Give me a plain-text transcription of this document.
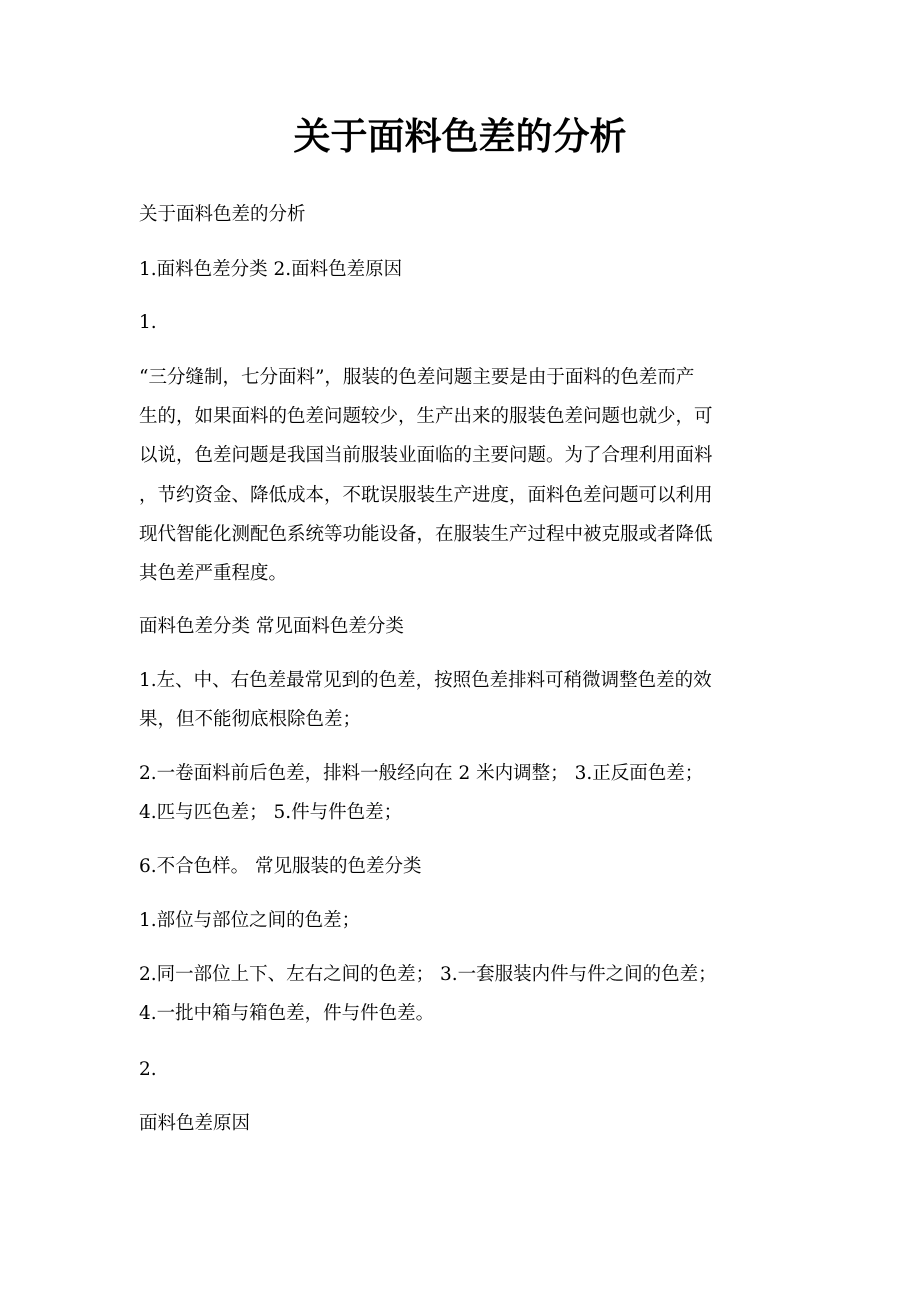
关于面料色差的分析
关于面料色差的分析
1.面料色差分类 2.面料色差原因
1.
“三分缝制，七分面料”，服装的色差问题主要是由于面料的色差而产
生的，如果面料的色差问题较少，生产出来的服装色差问题也就少，可
以说，色差问题是我国当前服装业面临的主要问题。为了合理利用面料
，节约资金、降低成本，不耽误服装生产进度，面料色差问题可以利用
现代智能化测配色系统等功能设备，在服装生产过程中被克服或者降低
其色差严重程度。
面料色差分类 常见面料色差分类
1.左、中、右色差最常见到的色差，按照色差排料可稍微调整色差的效
果，但不能彻底根除色差；
2.一卷面料前后色差，排料一般经向在 2 米内调整； 3.正反面色差；
4.匹与匹色差； 5.件与件色差；
6.不合色样。 常见服装的色差分类
1.部位与部位之间的色差；
2.同一部位上下、左右之间的色差； 3.一套服装内件与件之间的色差；
4.一批中箱与箱色差，件与件色差。
2.
面料色差原因
